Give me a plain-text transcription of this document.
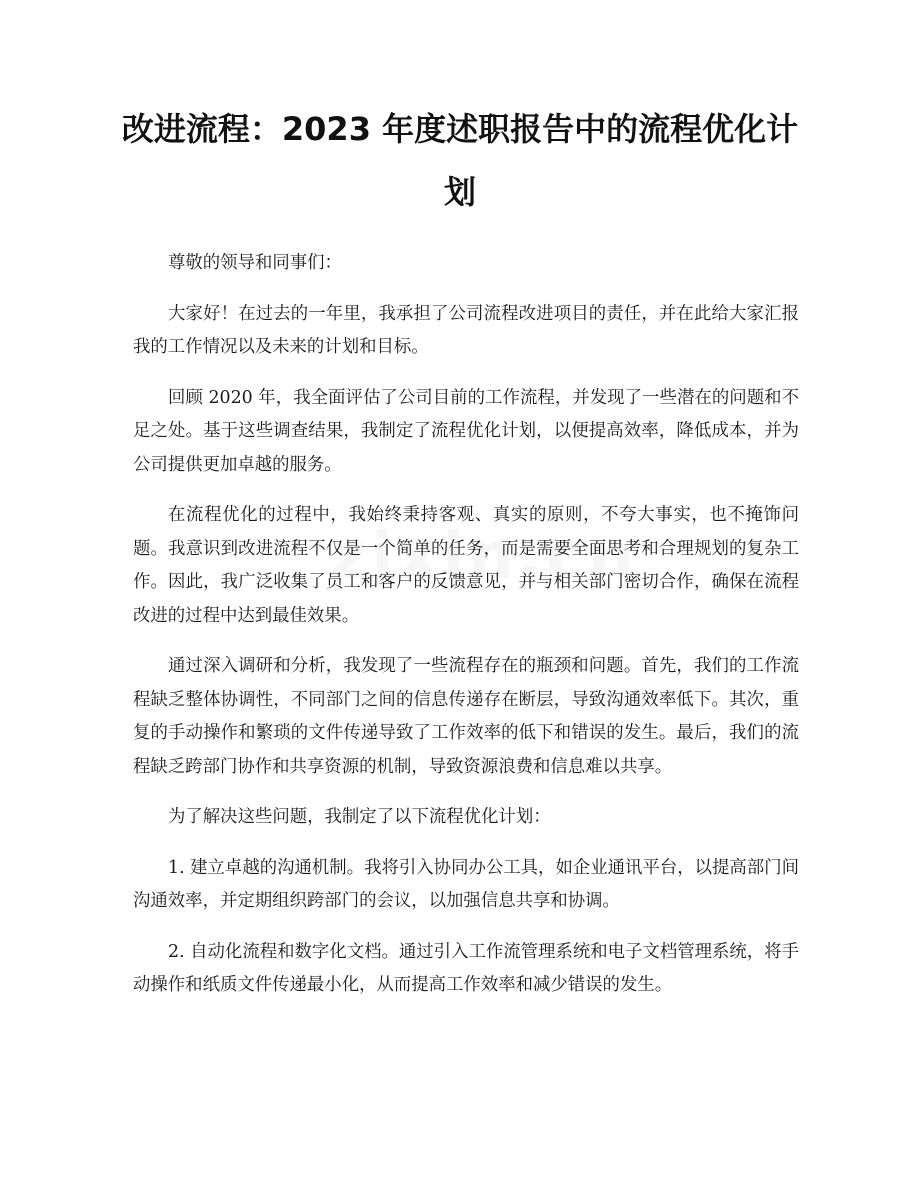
改进流程：2023 年度述职报告中的流程优化计划

尊敬的领导和同事们：

大家好！在过去的一年里，我承担了公司流程改进项目的责任，并在此给大家汇报我的工作情况以及未来的计划和目标。

回顾 2020 年，我全面评估了公司目前的工作流程，并发现了一些潜在的问题和不足之处。基于这些调查结果，我制定了流程优化计划，以便提高效率，降低成本，并为公司提供更加卓越的服务。

在流程优化的过程中，我始终秉持客观、真实的原则，不夸大事实，也不掩饰问题。我意识到改进流程不仅是一个简单的任务，而是需要全面思考和合理规划的复杂工作。因此，我广泛收集了员工和客户的反馈意见，并与相关部门密切合作，确保在流程改进的过程中达到最佳效果。

通过深入调研和分析，我发现了一些流程存在的瓶颈和问题。首先，我们的工作流程缺乏整体协调性，不同部门之间的信息传递存在断层，导致沟通效率低下。其次，重复的手动操作和繁琐的文件传递导致了工作效率的低下和错误的发生。最后，我们的流程缺乏跨部门协作和共享资源的机制，导致资源浪费和信息难以共享。

为了解决这些问题，我制定了以下流程优化计划：

1. 建立卓越的沟通机制。我将引入协同办公工具，如企业通讯平台，以提高部门间沟通效率，并定期组织跨部门的会议，以加强信息共享和协调。

2. 自动化流程和数字化文档。通过引入工作流管理系统和电子文档管理系统，将手动操作和纸质文件传递最小化，从而提高工作效率和减少错误的发生。
